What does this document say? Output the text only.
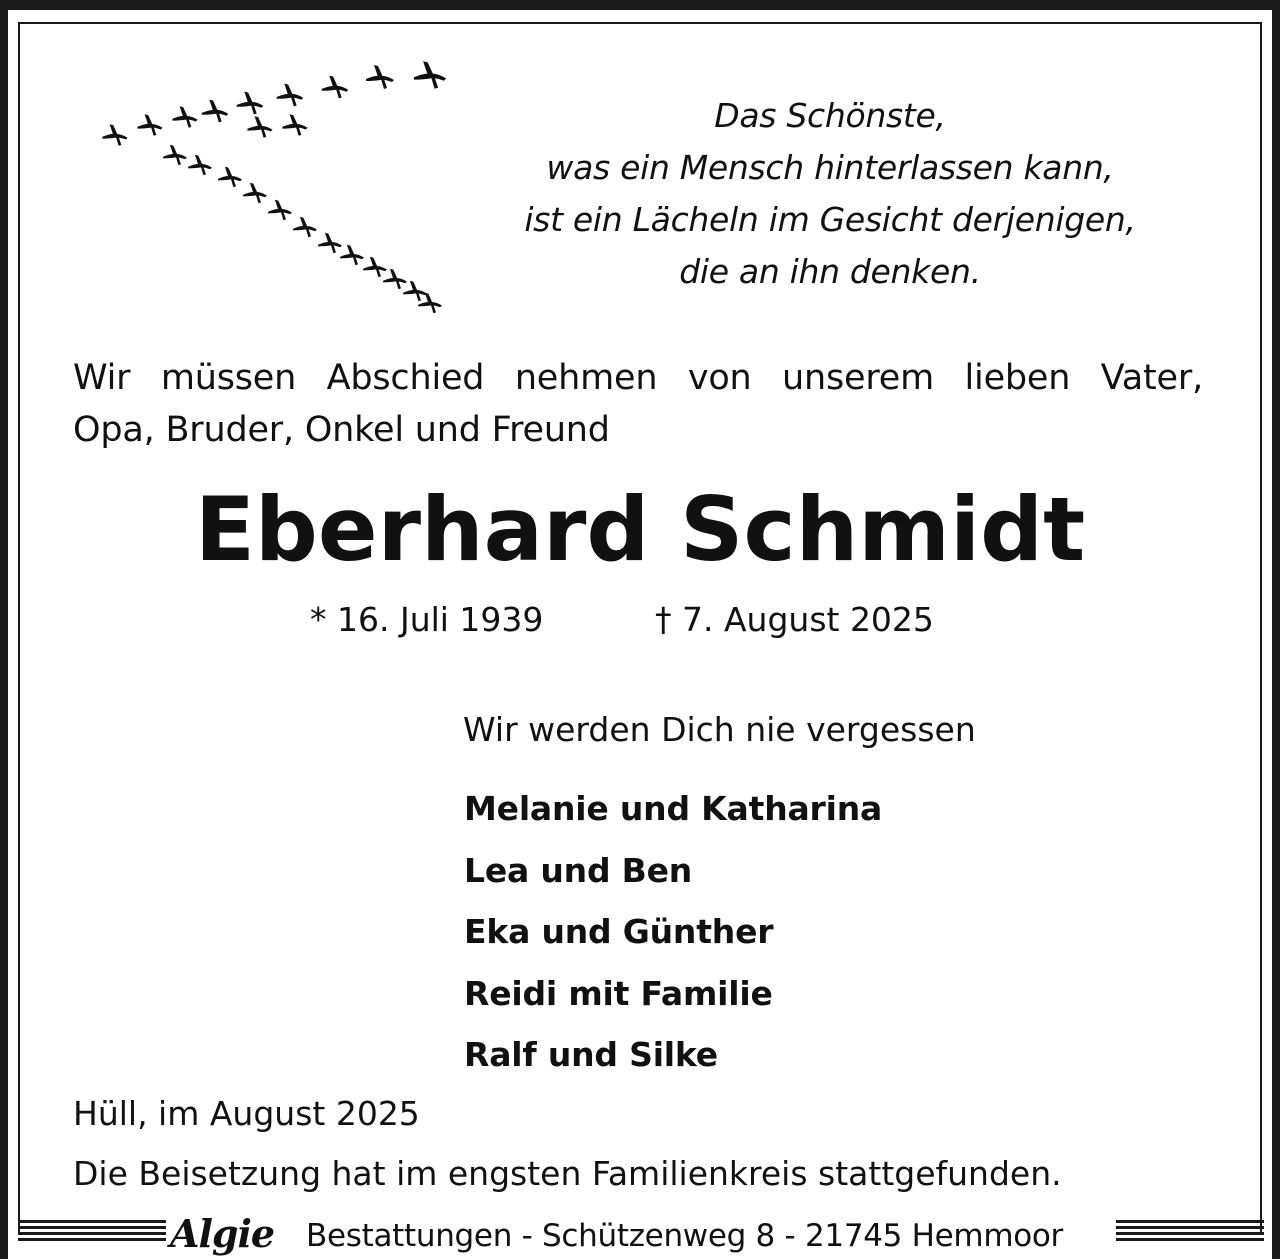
Das Schönste,
was ein Mensch hinterlassen kann,
ist ein Lächeln im Gesicht derjenigen,
die an ihn denken.
Wir müssen Abschied nehmen von unserem lieben Vater,
Opa, Bruder, Onkel und Freund
Eberhard Schmidt
* 16. Juli 1939	† 7. August 2025
Wir werden Dich nie vergessen
Melanie und Katharina
Lea und Ben
Eka und Günther
Reidi mit Familie
Ralf und Silke
Hüll, im August 2025
Die Beisetzung hat im engsten Familienkreis stattgefunden.
Algie Bestattungen - Schützenweg 8 - 21745 Hemmoor
